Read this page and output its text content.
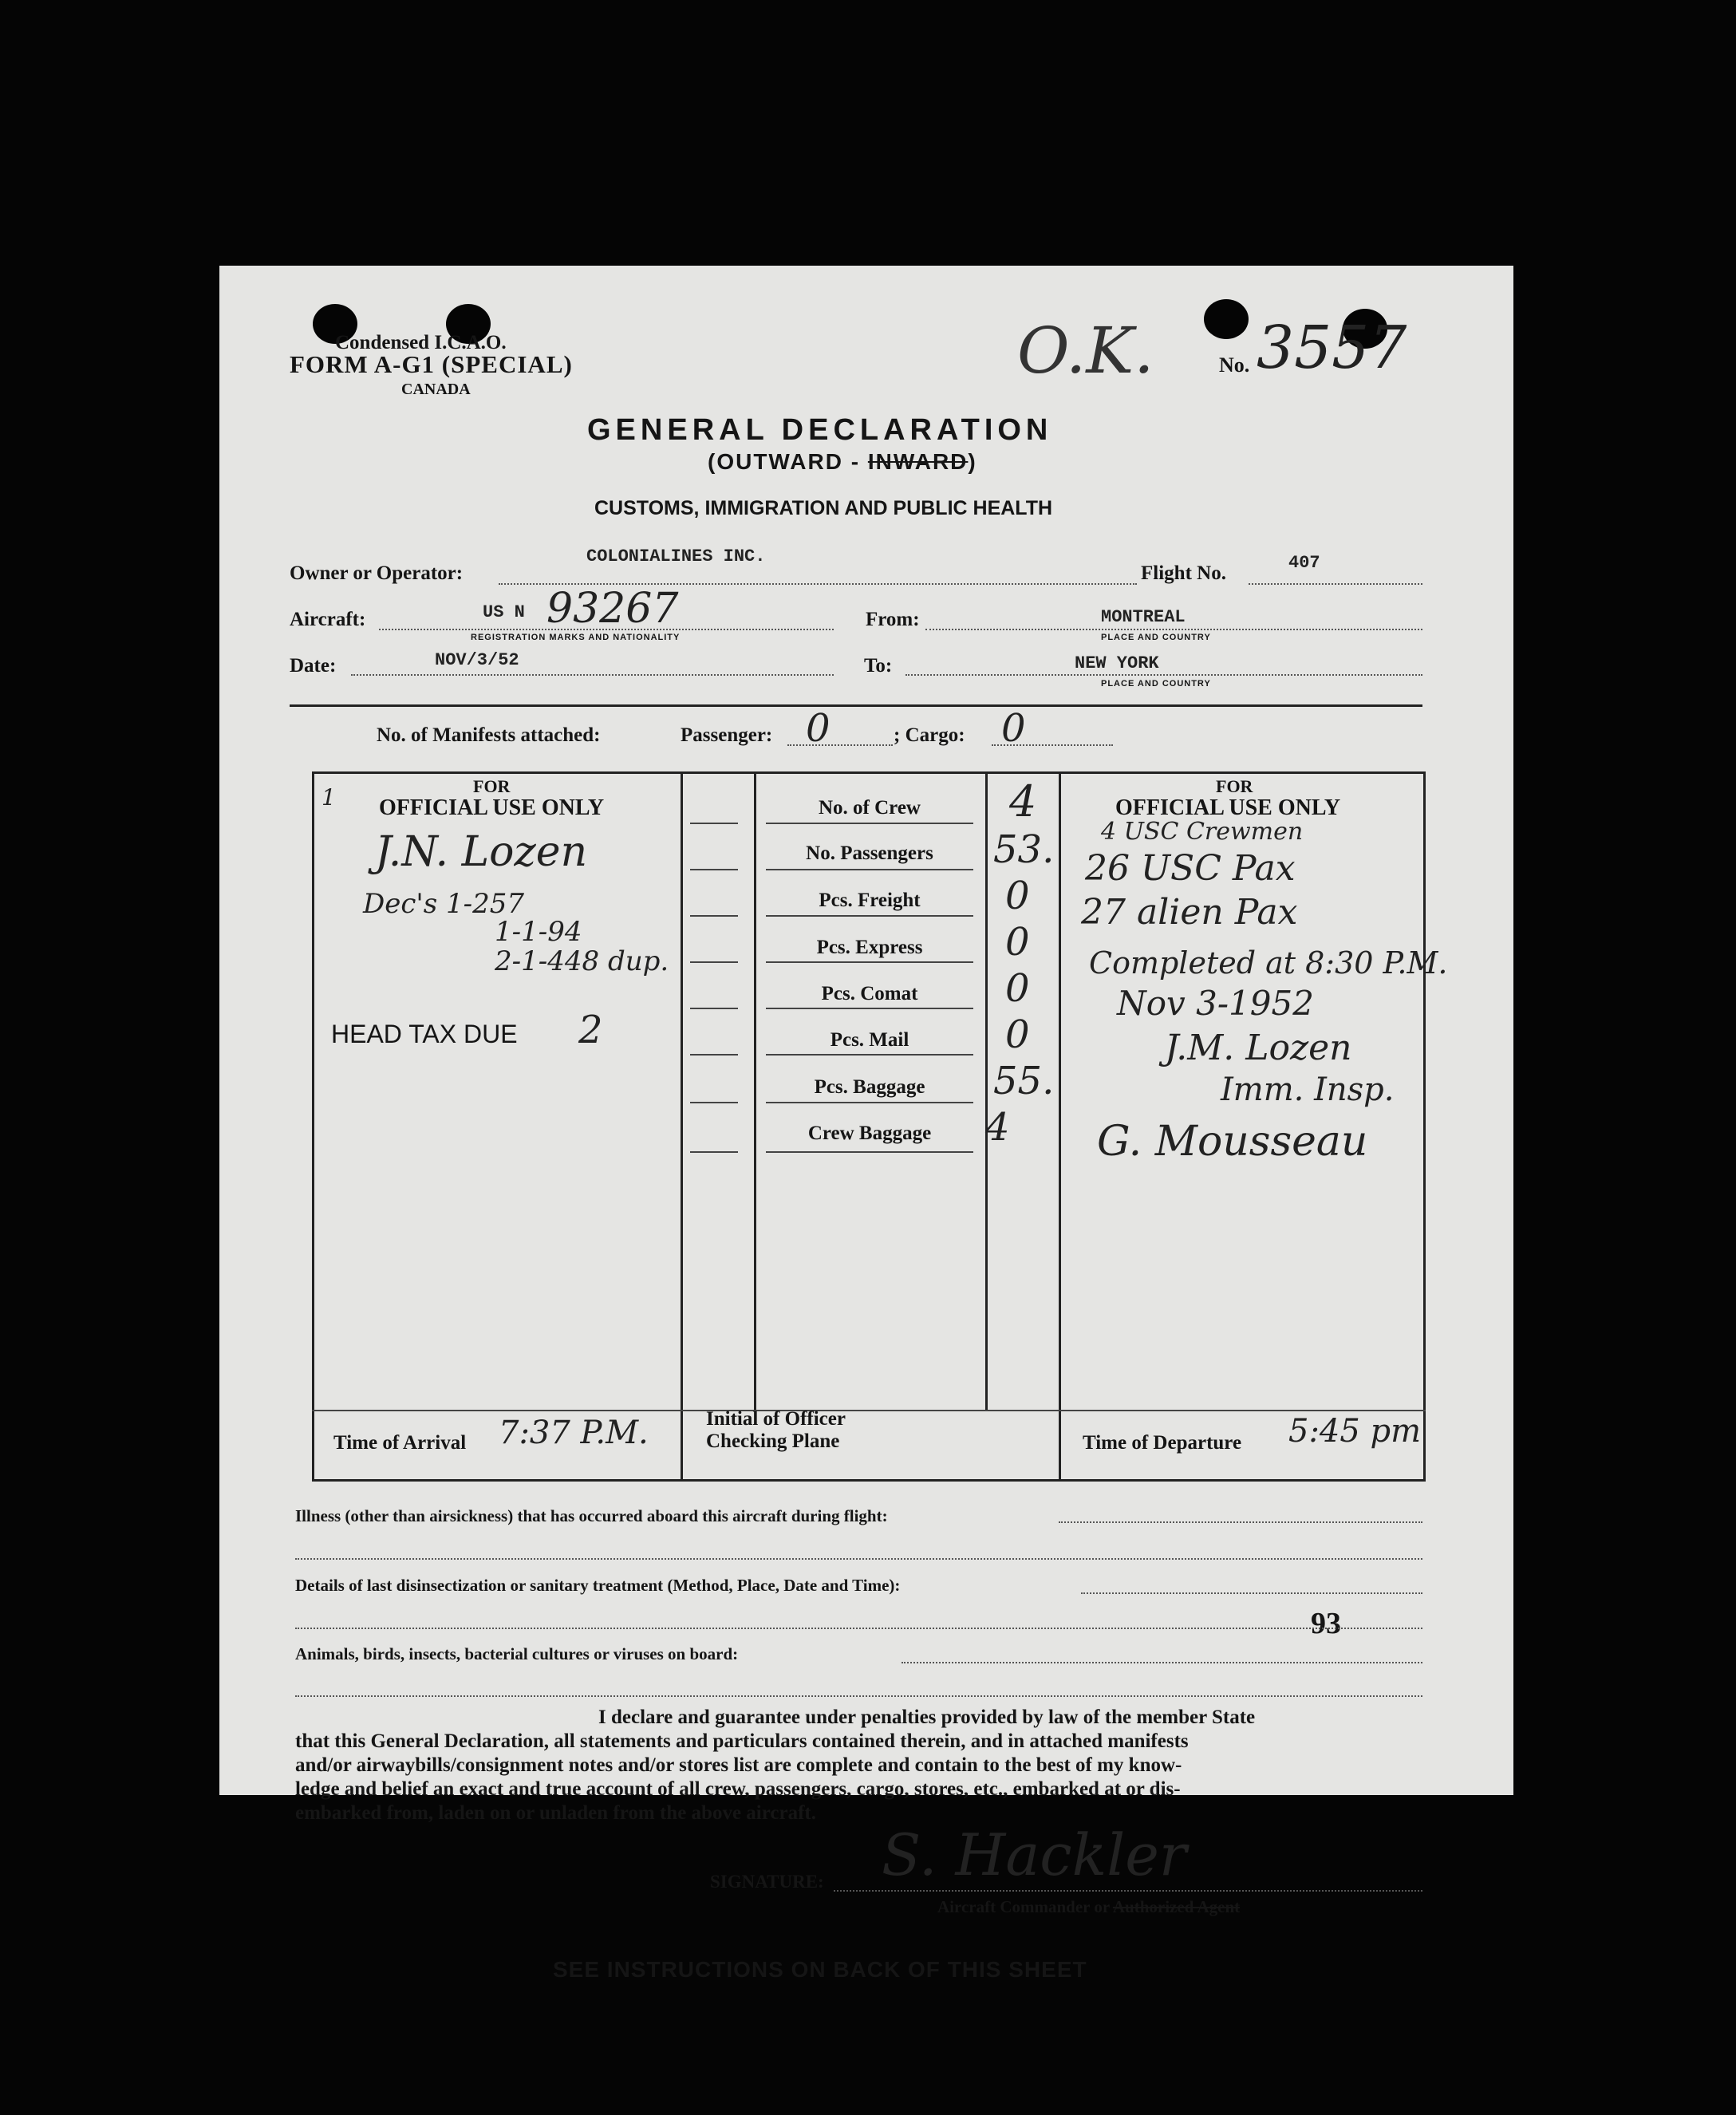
Condensed I.C.A.O.
FORM A-G1 (SPECIAL)
CANADA
O.K.	No. 3557
GENERAL DECLARATION
(OUTWARD - INWARD)
CUSTOMS, IMMIGRATION AND PUBLIC HEALTH
Owner or Operator:
COLONIALINES INC.
Flight No.	407
Aircraft:	US N 93267
REGISTRATION MARKS AND NATIONALITY
From:	MONTREAL
PLACE AND COUNTRY
Date:	NOV/3/52	To:	NEW YORK
PLACE AND COUNTRY
No. of Manifests attached:	Passenger: 0	; Cargo: 0
FOR
OFFICIAL USE ONLY
FOR
OFFICIAL USE ONLY
No. of Crew	4
No. Passengers	53.
Pcs. Freight	0
Pcs. Express	0
Pcs. Comat	0
Pcs. Mail	0
Pcs. Baggage	55.
Crew Baggage	4
1
J.N. Lozen
Dec's 1-257
1-1-94
2-1-448 dup.
HEAD TAX DUE 2
4 USC Crewmen
26 USC Pax
27 alien Pax
Completed at 8:30 P.M.
Nov 3-1952
J.M. Lozen
Imm. Insp.
G. Mousseau
Time of Arrival 7:37 P.M.	Initial of Officer
Checking Plane	Time of Departure 5:45 pm
Illness (other than airsickness) that has occurred aboard this aircraft during flight:
Details of last disinsectization or sanitary treatment (Method, Place, Date and Time):
93
Animals, birds, insects, bacterial cultures or viruses on board:
I declare and guarantee under penalties provided by law of the member State
that this General Declaration, all statements and particulars contained therein, and in attached manifests
and/or airwaybills/consignment notes and/or stores list are complete and contain to the best of my know-
ledge and belief an exact and true account of all crew, passengers, cargo, stores, etc., embarked at or dis-
embarked from, laden on or unladen from the above aircraft.
SIGNATURE: S. Hackler
Aircraft Commander or Authorized Agent
SEE INSTRUCTIONS ON BACK OF THIS SHEET
